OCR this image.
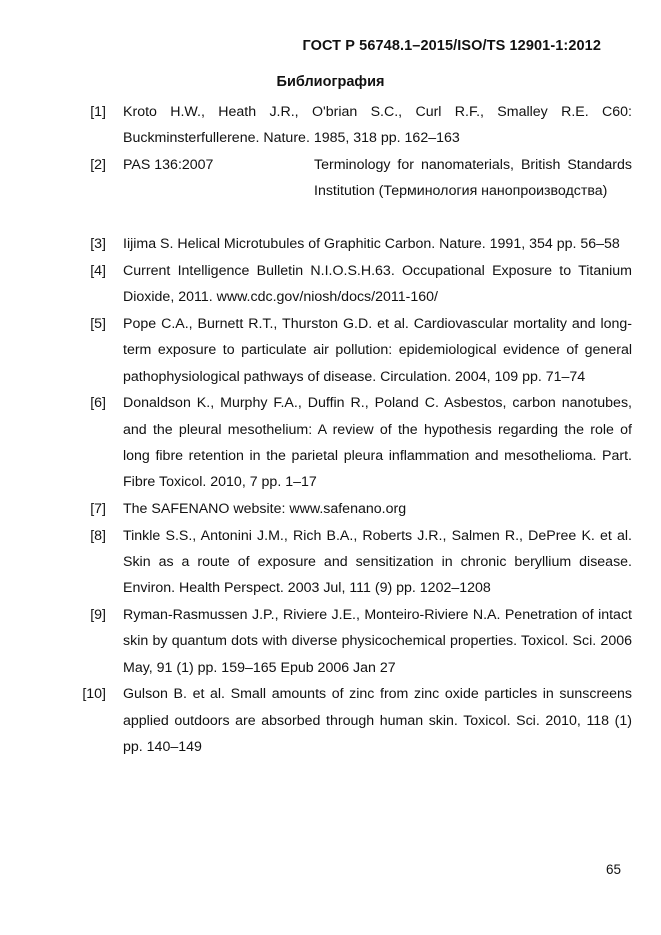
ГОСТ Р 56748.1–2015/ISO/TS 12901-1:2012
Библиография
[1] Kroto H.W., Heath J.R., O'brian S.C., Curl R.F., Smalley R.E. C60: Buckminsterfullerene. Nature. 1985, 318 pp. 162–163
[2] PAS 136:2007	Terminology for nanomaterials, British Standards Institution (Терминология нанопроизводства)
[3] Iijima S. Helical Microtubules of Graphitic Carbon. Nature. 1991, 354 pp. 56–58
[4] Current Intelligence Bulletin N.I.O.S.H.63. Occupational Exposure to Titanium Dioxide, 2011. www.cdc.gov/niosh/docs/2011-160/
[5] Pope C.A., Burnett R.T., Thurston G.D. et al. Cardiovascular mortality and long-term exposure to particulate air pollution: epidemiological evidence of general pathophysiological pathways of disease. Circulation. 2004, 109 pp. 71–74
[6] Donaldson K., Murphy F.A., Duffin R., Poland C. Asbestos, carbon nanotubes, and the pleural mesothelium: A review of the hypothesis regarding the role of long fibre retention in the parietal pleura inflammation and mesothelioma. Part. Fibre Toxicol. 2010, 7 pp. 1–17
[7] The SAFENANO website: www.safenano.org
[8] Tinkle S.S., Antonini J.M., Rich B.A., Roberts J.R., Salmen R., DePree K. et al. Skin as a route of exposure and sensitization in chronic beryllium disease. Environ. Health Perspect. 2003 Jul, 111 (9) pp. 1202–1208
[9] Ryman-Rasmussen J.P., Riviere J.E., Monteiro-Riviere N.A. Penetration of intact skin by quantum dots with diverse physicochemical properties. Toxicol. Sci. 2006 May, 91 (1) pp. 159–165 Epub 2006 Jan 27
[10] Gulson B. et al. Small amounts of zinc from zinc oxide particles in sunscreens applied outdoors are absorbed through human skin. Toxicol. Sci. 2010, 118 (1) pp. 140–149
65
